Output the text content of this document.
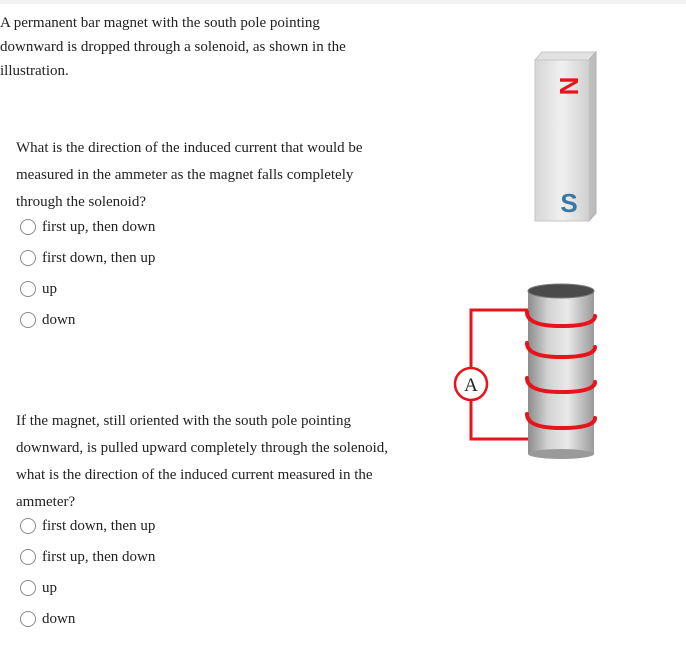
A permanent bar magnet with the south pole pointing downward is dropped through a solenoid, as shown in the illustration.

What is the direction of the induced current that would be measured in the ammeter as the magnet falls completely through the solenoid?

first up, then down
first down, then up
up
down

If the magnet, still oriented with the south pole pointing downward, is pulled upward completely through the solenoid, what is the direction of the induced current measured in the ammeter?

first down, then up
first up, then down
up
down
N
S
A
